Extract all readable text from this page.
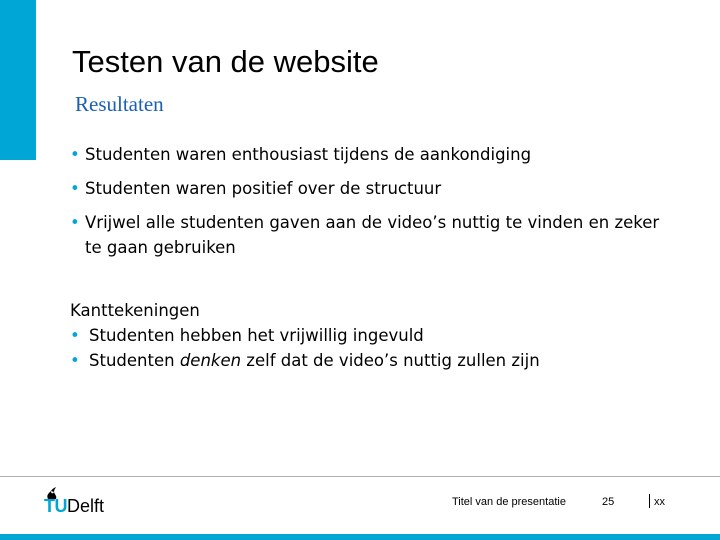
Testen van de website
Resultaten
• Studenten waren enthousiast tijdens de aankondiging
• Studenten waren positief over de structuur
• Vrijwel alle studenten gaven aan de video’s nuttig te vinden en zeker te gaan gebruiken
Kanttekeningen
• Studenten hebben het vrijwillig ingevuld
• Studenten denken zelf dat de video’s nuttig zullen zijn
TUDelft	Titel van de presentatie	25	xx
